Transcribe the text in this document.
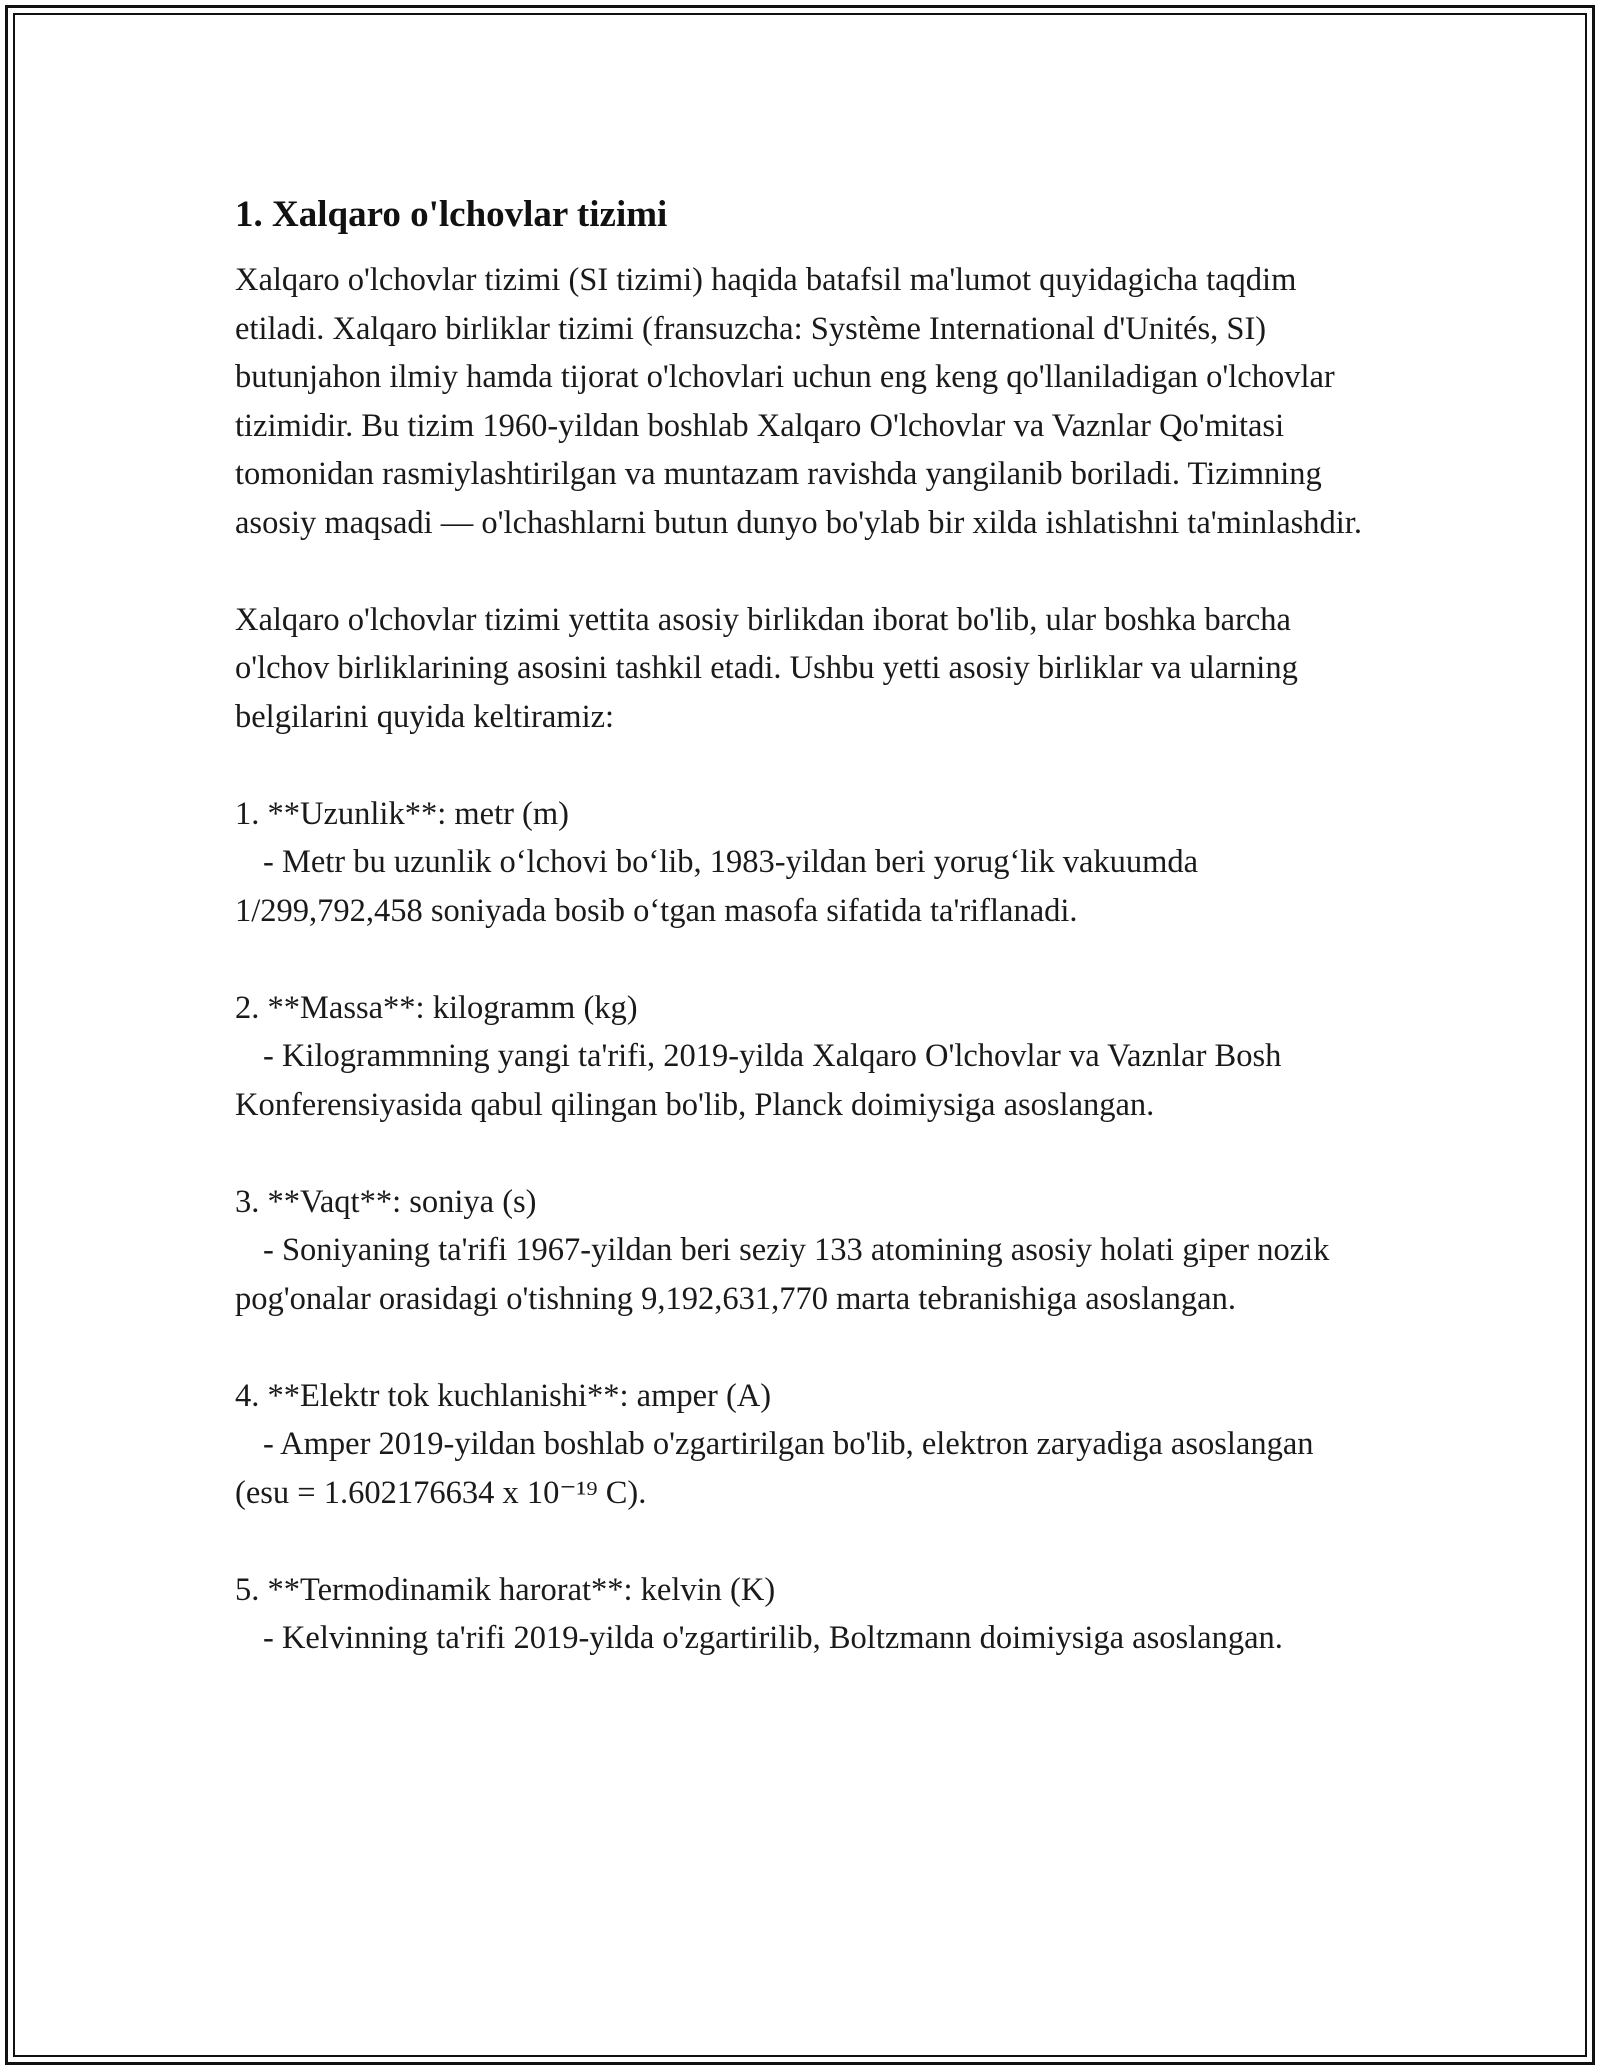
1. Xalqaro o'lchovlar tizimi

Xalqaro o'lchovlar tizimi (SI tizimi) haqida batafsil ma'lumot quyidagicha taqdim etiladi. Xalqaro birliklar tizimi (fransuzcha: Système International d'Unités, SI) butunjahon ilmiy hamda tijorat o'lchovlari uchun eng keng qo'llaniladigan o'lchovlar tizimidir. Bu tizim 1960-yildan boshlab Xalqaro O'lchovlar va Vaznlar Qo'mitasi tomonidan rasmiylashtirilgan va muntazam ravishda yangilanib boriladi. Tizimning asosiy maqsadi — o'lchashlarni butun dunyo bo'ylab bir xilda ishlatishni ta'minlashdir.

Xalqaro o'lchovlar tizimi yettita asosiy birlikdan iborat bo'lib, ular boshka barcha o'lchov birliklarining asosini tashkil etadi. Ushbu yetti asosiy birliklar va ularning belgilarini quyida keltiramiz:

1. **Uzunlik**: metr (m)

- Metr bu uzunlik o‘lchovi bo‘lib, 1983-yildan beri yorug‘lik vakuumda 1/299,792,458 soniyada bosib o‘tgan masofa sifatida ta'riflanadi.

2. **Massa**: kilogramm (kg)

- Kilogrammning yangi ta'rifi, 2019-yilda Xalqaro O'lchovlar va Vaznlar Bosh Konferensiyasida qabul qilingan bo'lib, Planck doimiysiga asoslangan.

3. **Vaqt**: soniya (s)

- Soniyaning ta'rifi 1967-yildan beri seziy 133 atomining asosiy holati giper nozik pog'onalar orasidagi o'tishning 9,192,631,770 marta tebranishiga asoslangan.

4. **Elektr tok kuchlanishi**: amper (A)

- Amper 2019-yildan boshlab o'zgartirilgan bo'lib, elektron zaryadiga asoslangan (esu = 1.602176634 x 10⁻¹⁹ C).

5. **Termodinamik harorat**: kelvin (K)

- Kelvinning ta'rifi 2019-yilda o'zgartirilib, Boltzmann doimiysiga asoslangan.
